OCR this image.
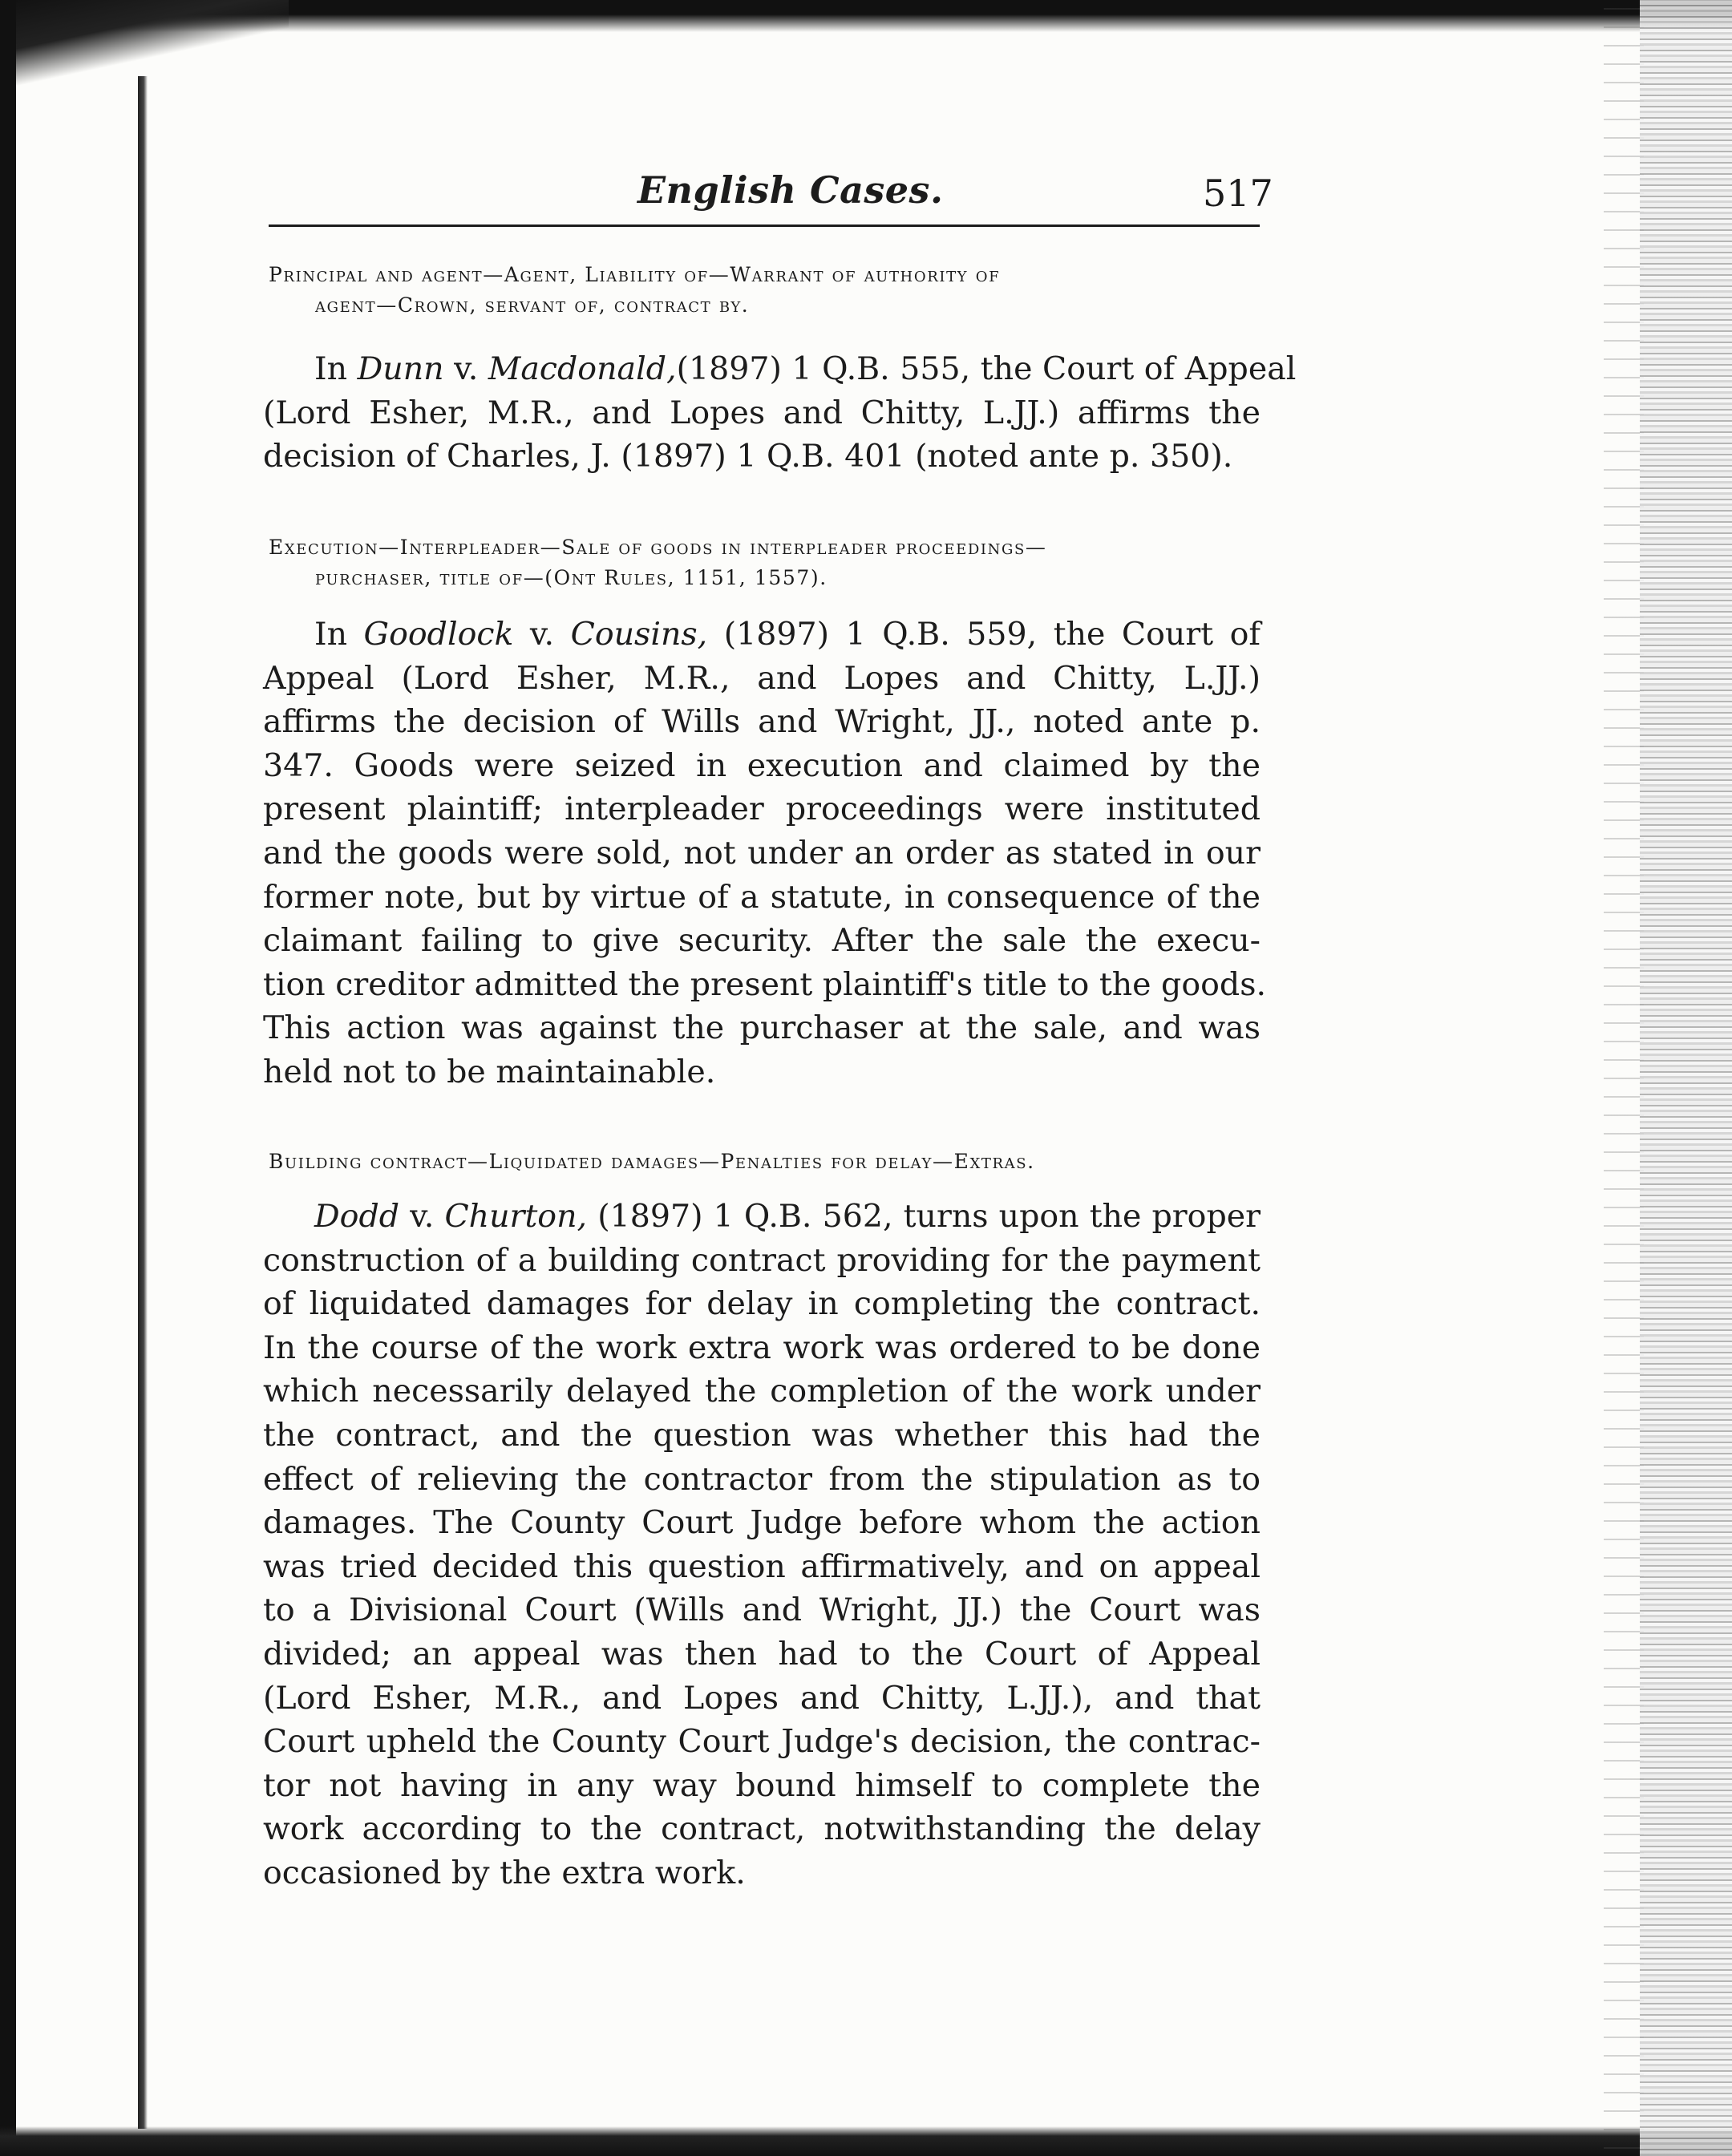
English Cases.	517
Principal and agent—Agent, Liability of—Warrant of authority of
agent—Crown, servant of, contract by.
In Dunn v. Macdonald,(1897) 1 Q.B. 555, the Court of Appeal
(Lord Esher, M.R., and Lopes and Chitty, L.JJ.) affirms the
decision of Charles, J. (1897) 1 Q.B. 401 (noted ante p. 350).
Execution—Interpleader—Sale of goods in interpleader proceedings—
purchaser, title of—(Ont Rules, 1151, 1557).
In Goodlock v. Cousins, (1897) 1 Q.B. 559, the Court of
Appeal (Lord Esher, M.R., and Lopes and Chitty, L.JJ.)
affirms the decision of Wills and Wright, JJ., noted ante p.
347. Goods were seized in execution and claimed by the
present plaintiff; interpleader proceedings were instituted
and the goods were sold, not under an order as stated in our
former note, but by virtue of a statute, in consequence of the
claimant failing to give security. After the sale the execu-
tion creditor admitted the present plaintiff's title to the goods.
This action was against the purchaser at the sale, and was
held not to be maintainable.
Building contract—Liquidated damages—Penalties for delay—Extras.
Dodd v. Churton, (1897) 1 Q.B. 562, turns upon the proper
construction of a building contract providing for the payment
of liquidated damages for delay in completing the contract.
In the course of the work extra work was ordered to be done
which necessarily delayed the completion of the work under
the contract, and the question was whether this had the
effect of relieving the contractor from the stipulation as to
damages. The County Court Judge before whom the action
was tried decided this question affirmatively, and on appeal
to a Divisional Court (Wills and Wright, JJ.) the Court was
divided; an appeal was then had to the Court of Appeal
(Lord Esher, M.R., and Lopes and Chitty, L.JJ.), and that
Court upheld the County Court Judge's decision, the contrac-
tor not having in any way bound himself to complete the
work according to the contract, notwithstanding the delay
occasioned by the extra work.
